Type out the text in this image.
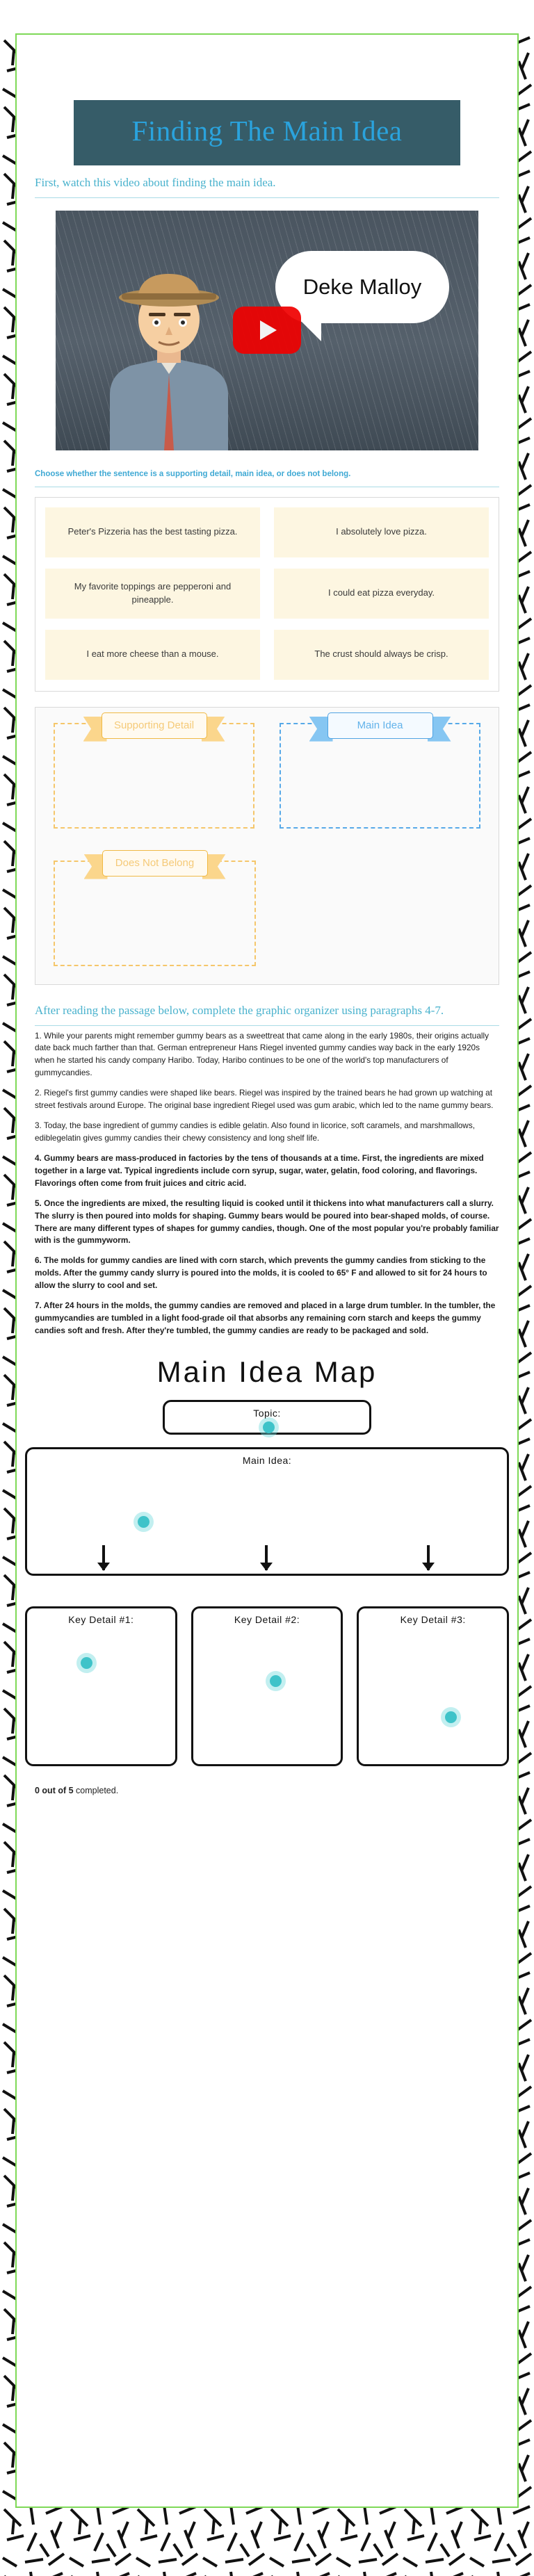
Finding The Main Idea
First, watch this video about finding the main idea.
Deke Malloy
Choose whether the sentence is a supporting detail, main idea, or does not belong.
Peter's Pizzeria has the best tasting pizza.	I absolutely love pizza.
My favorite toppings are pepperoni and pineapple.
I could eat pizza everyday.
I eat more cheese than a mouse.	The crust should always be crisp.
Supporting Detail	Main Idea
Does Not Belong
After reading the passage below, complete the graphic organizer using paragraphs 4-7.

1. While your parents might remember gummy bears as a sweettreat that came along in the early 1980s, their origins actually date back much farther than that. German entrepreneur Hans Riegel invented gummy candies way back in the early 1920s when he started his candy company Haribo. Today, Haribo continues to be one of the world's top manufacturers of gummycandies.

2. Riegel's first gummy candies were shaped like bears. Riegel was inspired by the trained bears he had grown up watching at street festivals around Europe. The original base ingredient Riegel used was gum arabic, which led to the name gummy bears.

3. Today, the base ingredient of gummy candies is edible gelatin. Also found in licorice, soft caramels, and marshmallows, ediblegelatin gives gummy candies their chewy consistency and long shelf life.

4. Gummy bears are mass-produced in factories by the tens of thousands at a time. First, the ingredients are mixed together in a large vat. Typical ingredients include corn syrup, sugar, water, gelatin, food coloring, and flavorings. Flavorings often come from fruit juices and citric acid.

5. Once the ingredients are mixed, the resulting liquid is cooked until it thickens into what manufacturers call a slurry. The slurry is then poured into molds for shaping. Gummy bears would be poured into bear-shaped molds, of course. There are many different types of shapes for gummy candies, though. One of the most popular you're probably familiar with is the gummyworm.

6. The molds for gummy candies are lined with corn starch, which prevents the gummy candies from sticking to the molds. After the gummy candy slurry is poured into the molds, it is cooled to 65° F and allowed to sit for 24 hours to allow the slurry to cool and set.

7. After 24 hours in the molds, the gummy candies are removed and placed in a large drum tumbler. In the tumbler, the gummycandies are tumbled in a light food-grade oil that absorbs any remaining corn starch and keeps the gummy candies soft and fresh. After they're tumbled, the gummy candies are ready to be packaged and sold.

Main Idea Map
Topic:
Main Idea:
Key Detail #1:	Key Detail #2:	Key Detail #3:
0 out of 5 completed.
